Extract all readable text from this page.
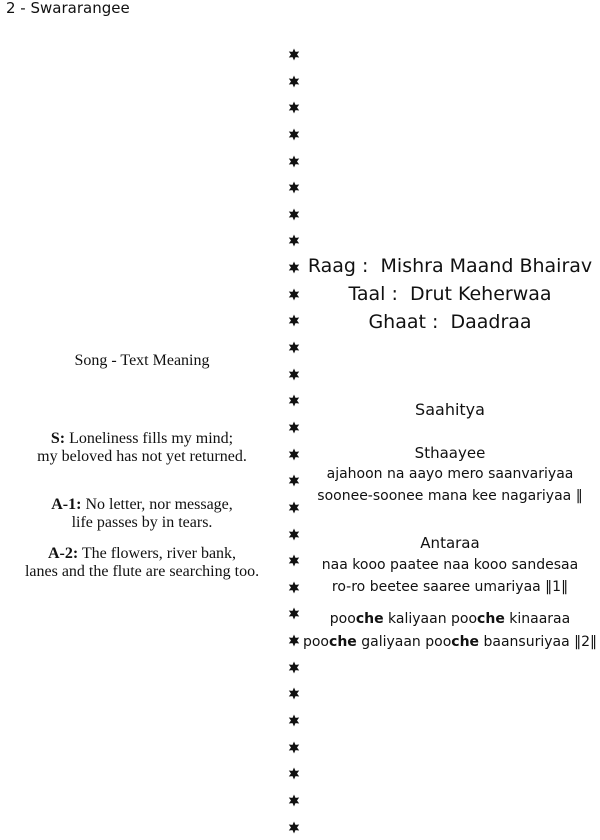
2 - Swararangee
Song - Text Meaning
S: Loneliness fills my mind;
my beloved has not yet returned.
A-1: No letter, nor message,
life passes by in tears.
A-2: The flowers, river bank,
lanes and the flute are searching too.
Raag : Mishra Maand Bhairav
Taal : Drut Keherwaa
Ghaat : Daadraa
Saahitya
Sthaayee
ajahoon na aayo mero saanvariyaa
soonee-soonee mana kee nagariyaa ‖
Antaraa
naa kooo paatee naa kooo sandesaa
ro-ro beetee saaree umariyaa ‖1‖
pooche kaliyaan pooche kinaaraa
pooche galiyaan pooche baansuriyaa ‖2‖
